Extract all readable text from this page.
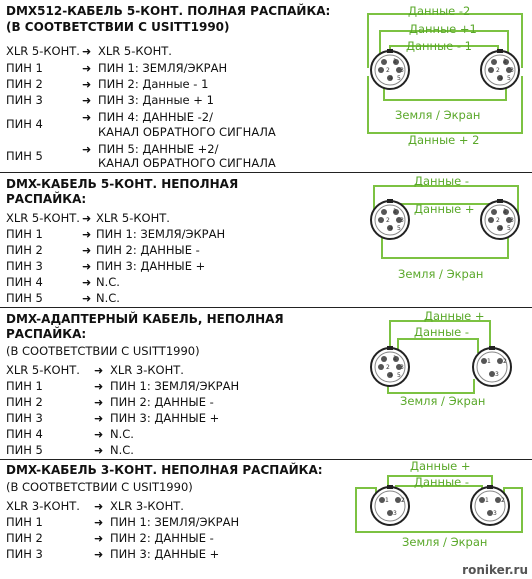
DMX512-КАБЕЛЬ 5-КОНТ. ПОЛНАЯ РАСПАЙКА:
(В СООТВЕТСТВИИ С USITT1990)
XLR 5-КОНТ. ➜ XLR 5-КОНТ.
ПИН 1	➜ ПИН 1: ЗЕМЛЯ/ЭКРАН
ПИН 2	➜ ПИН 2: Данные - 1
ПИН 3	➜ ПИН 3: Данные + 1
ПИН 4	➜ ПИН 4: ДАННЫЕ -2/
КАНАЛ ОБРАТНОГО СИГНАЛА
ПИН 5	➜ ПИН 5: ДАННЫЕ +2/
КАНАЛ ОБРАТНОГО СИГНАЛА
1
2 3
4 5
1
2 3
4 5
Данные -2
Данные +1
Данные - 1
Земля / Экран
Данные + 2
DMX-КАБЕЛЬ 5-КОНТ. НЕПОЛНАЯ
РАСПАЙКА:
XLR 5-КОНТ. ➜ XLR 5-КОНТ.
ПИН 1	➜ ПИН 1: ЗЕМЛЯ/ЭКРАН
ПИН 2	➜ ПИН 2: ДАННЫЕ -
ПИН 3	➜ ПИН 3: ДАННЫЕ +
ПИН 4	➜ N.C.
ПИН 5	➜ N.C.
1
2 3
4 5
1
2 3
4 5
Данные -
Данные +
Земля / Экран
DMX-АДАПТЕРНЫЙ КАБЕЛЬ, НЕПОЛНАЯ
РАСПАЙКА:
(В СООТВЕТСТВИИ С USITT1990)
XLR 5-КОНТ. ➜ XLR 3-КОНТ.
ПИН 1	➜ ПИН 1: ЗЕМЛЯ/ЭКРАН
ПИН 2	➜ ПИН 2: ДАННЫЕ -
ПИН 3	➜ ПИН 3: ДАННЫЕ +
ПИН 4	➜ N.C.
ПИН 5	➜ N.C.
1
2 3
4 5
1 2
3
Данные +
Данные -
Земля / Экран
DMX-КАБЕЛЬ 3-КОНТ. НЕПОЛНАЯ РАСПАЙКА:
(В СООТВЕТСТВИИ С USIT1990)
XLR 3-КОНТ. ➜ XLR 3-КОНТ.
ПИН 1	➜ ПИН 1: ЗЕМЛЯ/ЭКРАН
ПИН 2	➜ ПИН 2: ДАННЫЕ -
ПИН 3	➜ ПИН 3: ДАННЫЕ +
1 2
3
1 2
3
Данные +
Данные -
Земля / Экран
roniker.ru
